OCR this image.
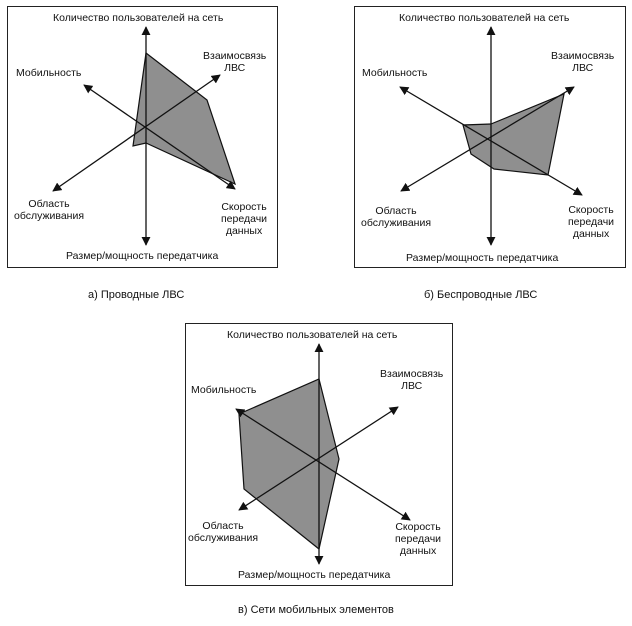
Количество пользователей на сеть
Взаимосвязь
ЛВС
Мобильность
Область
обслуживания
Скорость
передачи
данных
Размер/мощность передатчика
а) Проводные ЛВС
Количество пользователей на сеть
Взаимосвязь
ЛВС
Мобильность
Область
обслуживания
Скорость
передачи
данных
Размер/мощность передатчика
б) Беспроводные ЛВС
Количество пользователей на сеть
Взаимосвязь
ЛВС
Мобильность
Область
обслуживания
Скорость
передачи
данных
Размер/мощность передатчика
в) Сети мобильных элементов
